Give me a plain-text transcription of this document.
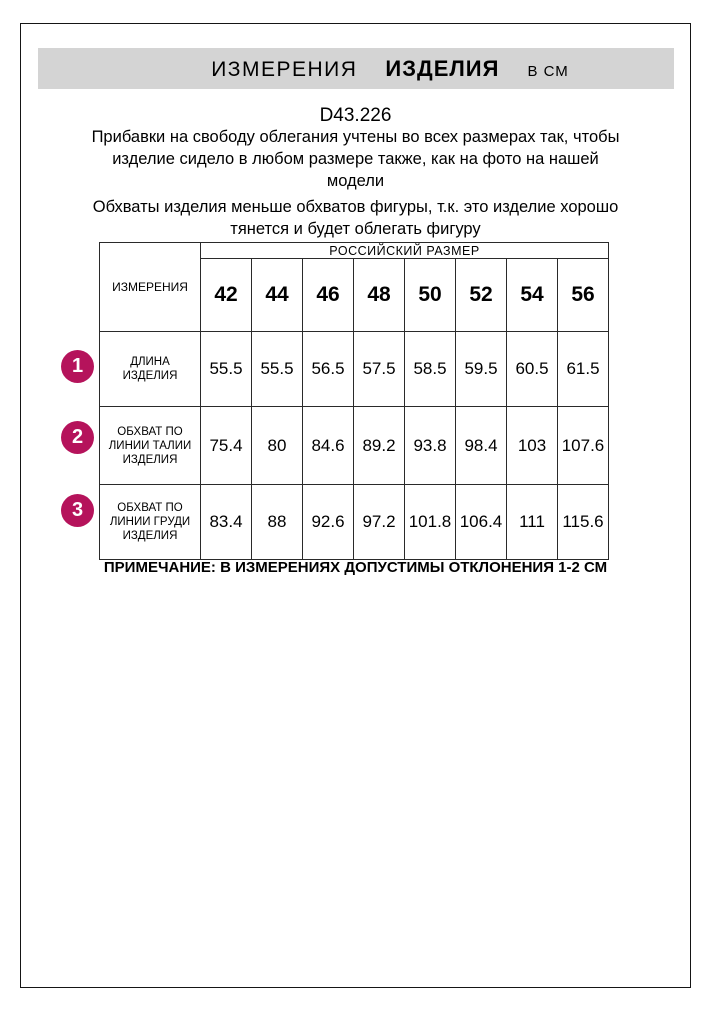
ИЗМЕРЕНИЯ ИЗДЕЛИЯ В СМ
D43.226

Прибавки на свободу облегания учтены во всех размерах так, чтобы изделие сидело в любом размере также, как на фото на нашей модели

Обхваты изделия меньше обхватов фигуры, т.к. это изделие хорошо тянется и будет облегать фигуру

ИЗМЕРЕНИЯ	РОССИЙСКИЙ РАЗМЕР							
	42	44	46	48	50	52	54	56
ДЛИНА ИЗДЕЛИЯ	55.5	55.5	56.5	57.5	58.5	59.5	60.5	61.5
ОБХВАТ ПО ЛИНИИ ТАЛИИ ИЗДЕЛИЯ	75.4	80	84.6	89.2	93.8	98.4	103	107.6
ОБХВАТ ПО ЛИНИИ ГРУДИ ИЗДЕЛИЯ	83.4	88	92.6	97.2	101.8	106.4	111	115.6
1
2
3
ПРИМЕЧАНИЕ: В ИЗМЕРЕНИЯХ ДОПУСТИМЫ ОТКЛОНЕНИЯ 1-2 СМ
